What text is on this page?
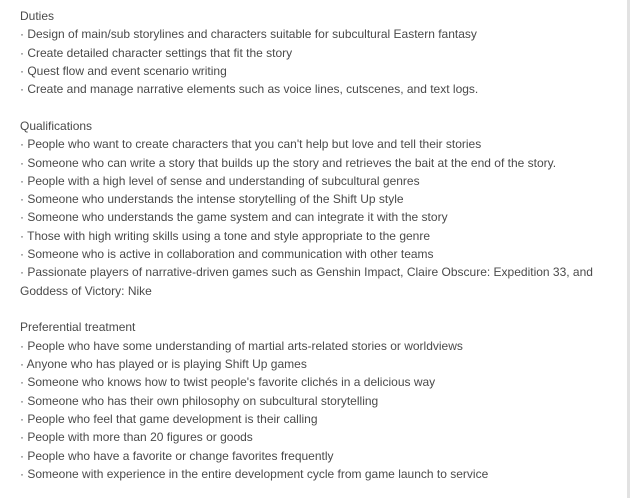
Duties

· Design of main/sub storylines and characters suitable for subcultural Eastern fantasy
· Create detailed character settings that fit the story
· Quest flow and event scenario writing
· Create and manage narrative elements such as voice lines, cutscenes, and text logs.

Qualifications

· People who want to create characters that you can't help but love and tell their stories
· Someone who can write a story that builds up the story and retrieves the bait at the end of the story.
· People with a high level of sense and understanding of subcultural genres
· Someone who understands the intense storytelling of the Shift Up style
· Someone who understands the game system and can integrate it with the story
· Those with high writing skills using a tone and style appropriate to the genre
· Someone who is active in collaboration and communication with other teams
· Passionate players of narrative-driven games such as Genshin Impact, Claire Obscure: Expedition 33, and Goddess of Victory: Nike

Preferential treatment

· People who have some understanding of martial arts-related stories or worldviews
· Anyone who has played or is playing Shift Up games
· Someone who knows how to twist people's favorite clichés in a delicious way
· Someone who has their own philosophy on subcultural storytelling
· People who feel that game development is their calling
· People with more than 20 figures or goods
· People who have a favorite or change favorites frequently
· Someone with experience in the entire development cycle from game launch to service
